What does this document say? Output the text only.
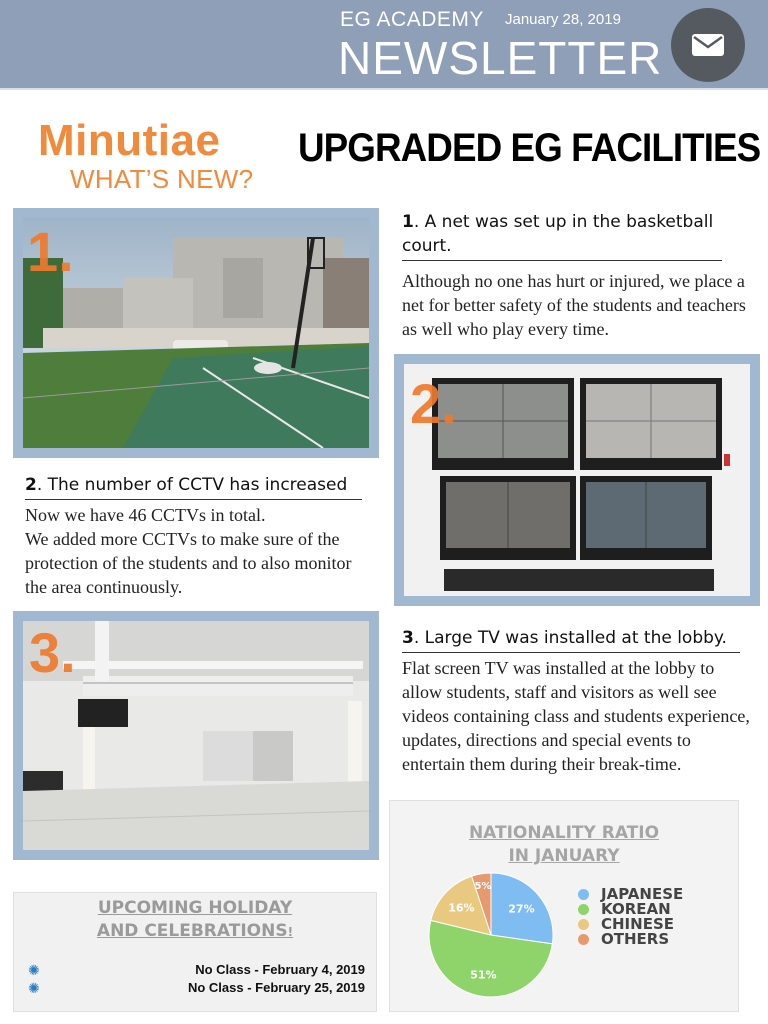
EG ACADEMY January 28, 2019
NEWSLETTER
Minutiae
WHAT’S NEW?
UPGRADED EG FACILITIES
1.	1. A net was set up in the basketball court.
Although no one has hurt or injured, we place a net for better safety of the students and teachers as well who play every time.
2.
2. The number of CCTV has increased
Now we have 46 CCTVs in total.
We added more CCTVs to make sure of the protection of the students and to also monitor the area continuously.
3.	3. Large TV was installed at the lobby.
Flat screen TV was installed at the lobby to allow students, staff and visitors as well see videos containing class and students experience, updates, directions and special events to entertain them during their break-time.
UPCOMING HOLIDAY
AND CELEBRATIONS!
✺	No Class - February 4, 2019
✺	No Class - February 25, 2019
NATIONALITY RATIO
IN JANUARY
27%
51%
16%
5%	JAPANESE
KOREAN
CHINESE
OTHERS
